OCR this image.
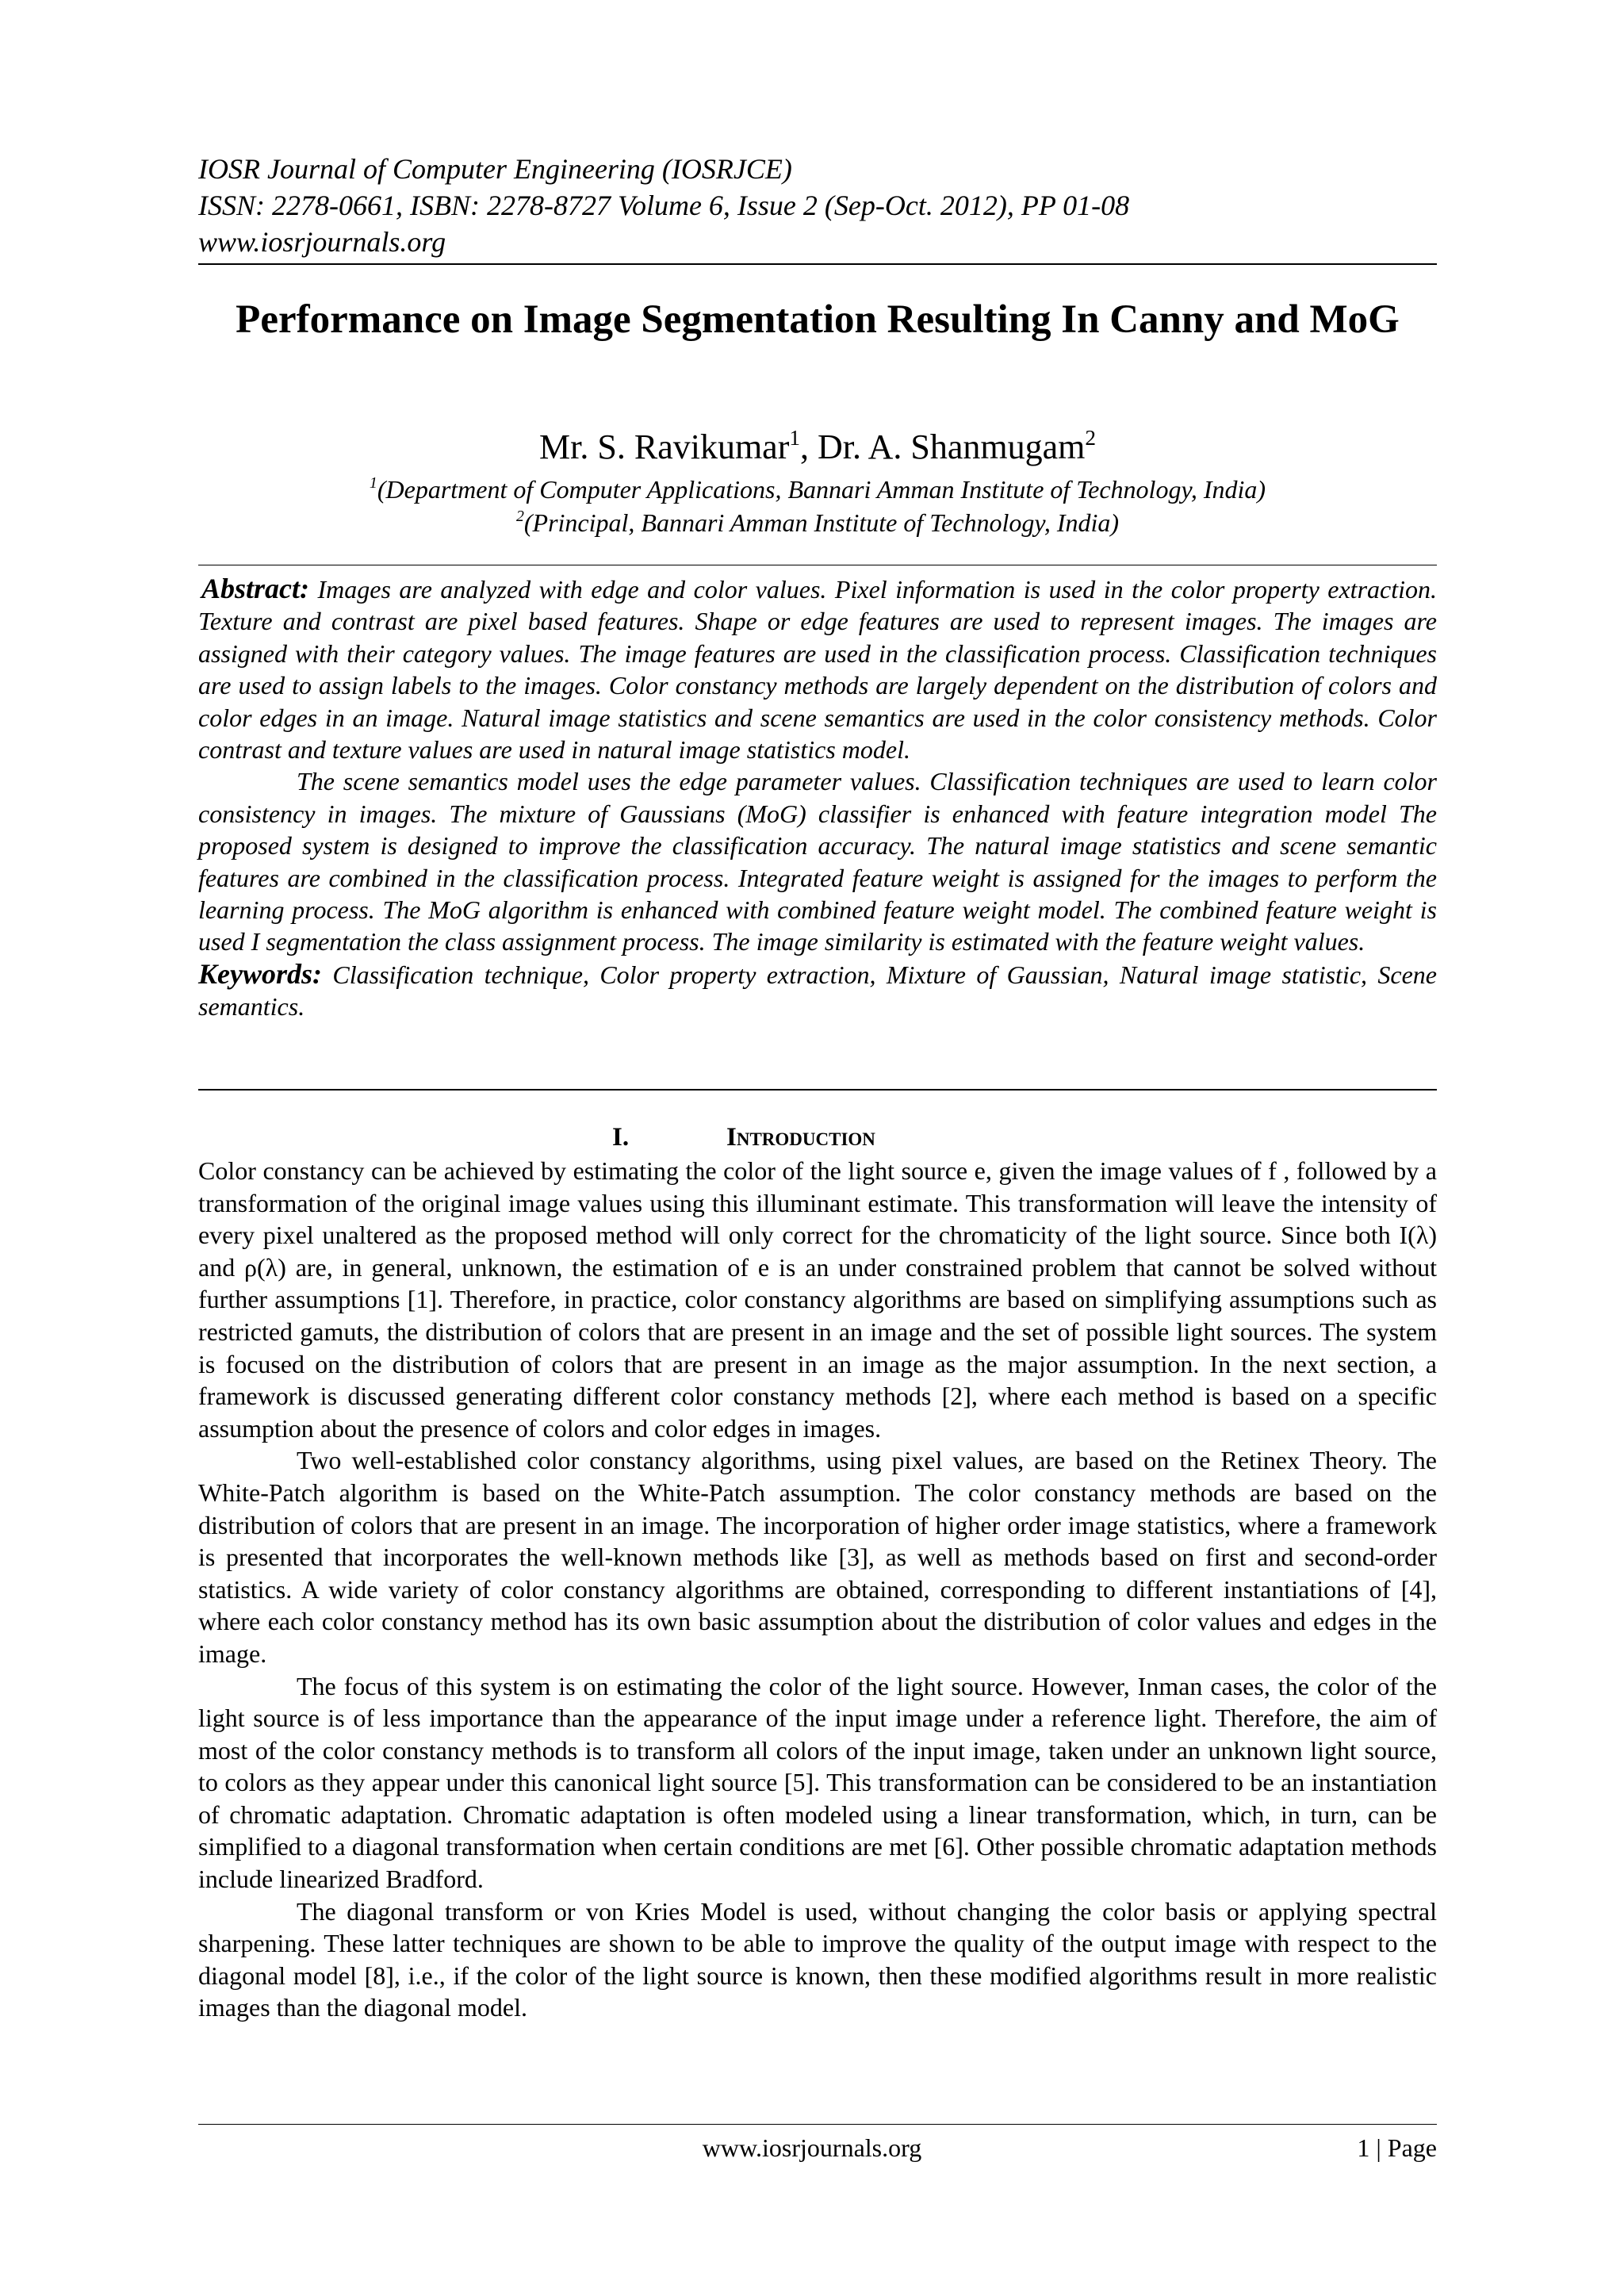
IOSR Journal of Computer Engineering (IOSRJCE)
ISSN: 2278-0661, ISBN: 2278-8727 Volume 6, Issue 2 (Sep-Oct. 2012), PP 01-08
www.iosrjournals.org
Performance on Image Segmentation Resulting In Canny and MoG
Mr. S. Ravikumar$^1$, Dr. A. Shanmugam$^2$
$^1$(Department of Computer Applications, Bannari Amman Institute of Technology, India)
$^2$(Principal, Bannari Amman Institute of Technology, India)

Abstract: Images are analyzed with edge and color values. Pixel information is used in the color property extraction. Texture and contrast are pixel based features. Shape or edge features are used to represent images. The images are assigned with their category values. The image features are used in the classification process. Classification techniques are used to assign labels to the images. Color constancy methods are largely dependent on the distribution of colors and color edges in an image. Natural image statistics and scene semantics are used in the color consistency methods. Color contrast and texture values are used in natural image statistics model.

The scene semantics model uses the edge parameter values. Classification techniques are used to learn color consistency in images. The mixture of Gaussians (MoG) classifier is enhanced with feature integration model The proposed system is designed to improve the classification accuracy. The natural image statistics and scene semantic features are combined in the classification process. Integrated feature weight is assigned for the images to perform the learning process. The MoG algorithm is enhanced with combined feature weight model. The combined feature weight is used I segmentation the class assignment process. The image similarity is estimated with the feature weight values.

Keywords: Classification technique, Color property extraction, Mixture of Gaussian, Natural image statistic, Scene semantics.

I.	Introduction

Color constancy can be achieved by estimating the color of the light source e, given the image values of f , followed by a transformation of the original image values using this illuminant estimate. This transformation will leave the intensity of every pixel unaltered as the proposed method will only correct for the chromaticity of the light source. Since both I(λ) and ρ(λ) are, in general, unknown, the estimation of e is an under constrained problem that cannot be solved without further assumptions [1]. Therefore, in practice, color constancy algorithms are based on simplifying assumptions such as restricted gamuts, the distribution of colors that are present in an image and the set of possible light sources. The system is focused on the distribution of colors that are present in an image as the major assumption. In the next section, a framework is discussed generating different color constancy methods [2], where each method is based on a specific assumption about the presence of colors and color edges in images.

Two well-established color constancy algorithms, using pixel values, are based on the Retinex Theory. The White-Patch algorithm is based on the White-Patch assumption. The color constancy methods are based on the distribution of colors that are present in an image. The incorporation of higher order image statistics, where a framework is presented that incorporates the well-known methods like [3], as well as methods based on first and second-order statistics. A wide variety of color constancy algorithms are obtained, corresponding to different instantiations of [4], where each color constancy method has its own basic assumption about the distribution of color values and edges in the image.

The focus of this system is on estimating the color of the light source. However, Inman cases, the color of the light source is of less importance than the appearance of the input image under a reference light. Therefore, the aim of most of the color constancy methods is to transform all colors of the input image, taken under an unknown light source, to colors as they appear under this canonical light source [5]. This transformation can be considered to be an instantiation of chromatic adaptation. Chromatic adaptation is often modeled using a linear transformation, which, in turn, can be simplified to a diagonal transformation when certain conditions are met [6]. Other possible chromatic adaptation methods include linearized Bradford.

The diagonal transform or von Kries Model is used, without changing the color basis or applying spectral sharpening. These latter techniques are shown to be able to improve the quality of the output image with respect to the diagonal model [8], i.e., if the color of the light source is known, then these modified algorithms result in more realistic images than the diagonal model.

www.iosrjournals.org	1 | Page
